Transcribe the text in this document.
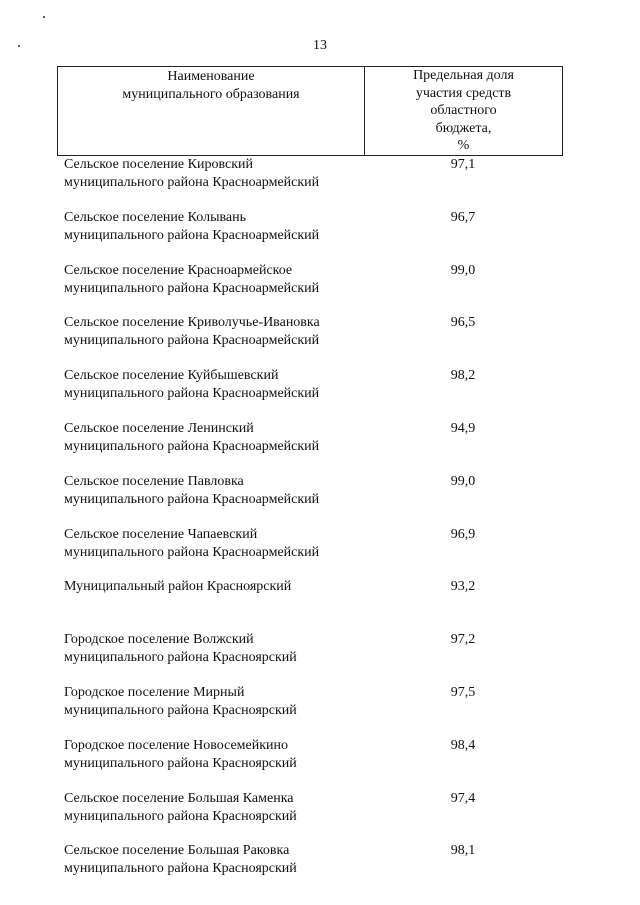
13
Наименование
муниципального образования
Предельная доля
участия средств
областного
бюджета,
%
Сельское поселение Кировский
муниципального района Красноармейский
97,1
Сельское поселение Колывань
муниципального района Красноармейский
96,7
Сельское поселение Красноармейское
муниципального района Красноармейский
99,0
Сельское поселение Криволучье-Ивановка
муниципального района Красноармейский
96,5
Сельское поселение Куйбышевский
муниципального района Красноармейский
98,2
Сельское поселение Ленинский
муниципального района Красноармейский
94,9
Сельское поселение Павловка
муниципального района Красноармейский
99,0
Сельское поселение Чапаевский
муниципального района Красноармейский
96,9
Муниципальный район Красноярский	93,2
Городское поселение Волжский
муниципального района Красноярский
97,2
Городское поселение Мирный
муниципального района Красноярский
97,5
Городское поселение Новосемейкино
муниципального района Красноярский
98,4
Сельское поселение Большая Каменка
муниципального района Красноярский
97,4
Сельское поселение Большая Раковка
муниципального района Красноярский
98,1
